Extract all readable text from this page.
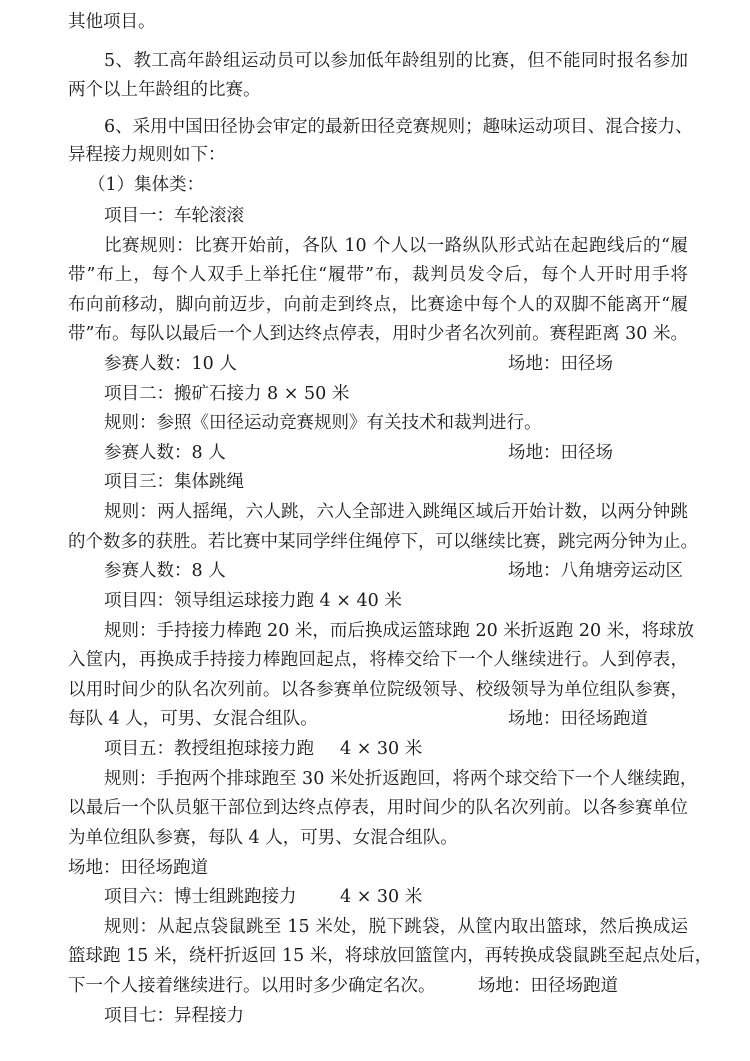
其他项目。
5、教工高年龄组运动员可以参加低年龄组别的比赛，但不能同时报名参加
两个以上年龄组的比赛。
6、采用中国田径协会审定的最新田径竞赛规则；趣味运动项目、混合接力、
异程接力规则如下：
（1）集体类：
项目一：车轮滚滚
比赛规则：比赛开始前，各队 10 个人以一路纵队形式站在起跑线后的“履
带”布上，每个人双手上举托住“履带”布，裁判员发令后，每个人开时用手将
布向前移动，脚向前迈步，向前走到终点，比赛途中每个人的双脚不能离开“履
带”布。每队以最后一个人到达终点停表，用时少者名次列前。赛程距离 30 米。
参赛人数：10 人	场地：田径场
项目二：搬矿石接力 8 × 50 米
规则：参照《田径运动竞赛规则》有关技术和裁判进行。
参赛人数：8 人	场地：田径场
项目三：集体跳绳
规则：两人摇绳，六人跳，六人全部进入跳绳区域后开始计数，以两分钟跳
的个数多的获胜。若比赛中某同学绊住绳停下，可以继续比赛，跳完两分钟为止。
参赛人数：8 人	场地：八角塘旁运动区
项目四：领导组运球接力跑 4 × 40 米
规则：手持接力棒跑 20 米，而后换成运篮球跑 20 米折返跑 20 米，将球放
入筐内，再换成手持接力棒跑回起点，将棒交给下一个人继续进行。人到停表，
以用时间少的队名次列前。以各参赛单位院级领导、校级领导为单位组队参赛，
每队 4 人，可男、女混合组队。	场地：田径场跑道
项目五：教授组抱球接力跑 4 × 30 米
规则：手抱两个排球跑至 30 米处折返跑回，将两个球交给下一个人继续跑，
以最后一个队员躯干部位到达终点停表，用时间少的队名次列前。以各参赛单位
为单位组队参赛，每队 4 人，可男、女混合组队。
场地：田径场跑道
项目六：博士组跳跑接力 4 × 30 米
规则：从起点袋鼠跳至 15 米处，脱下跳袋，从筐内取出篮球，然后换成运
篮球跑 15 米，绕杆折返回 15 米，将球放回篮筐内，再转换成袋鼠跳至起点处后，
下一个人接着继续进行。以用时多少确定名次。 场地：田径场跑道
项目七：异程接力
